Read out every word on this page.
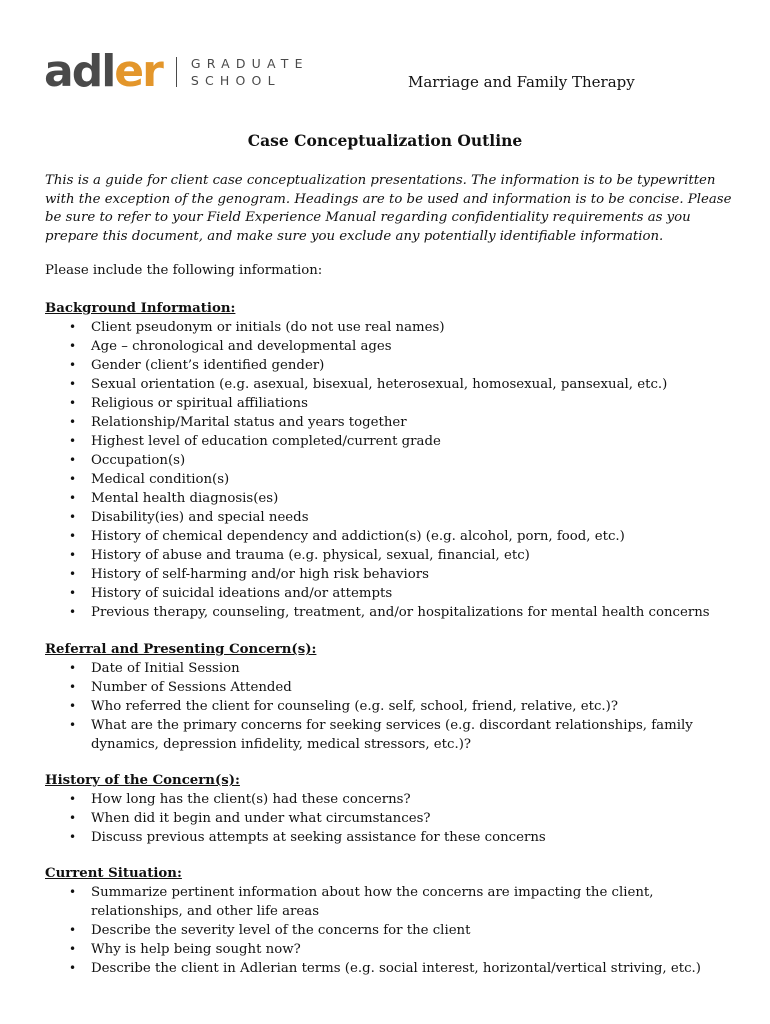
adl er GRADUATE
SCHOOL	Marriage and Family Therapy
Case Conceptualization Outline
This is a guide for client case conceptualization presentations. The information is to be typewritten with the exception of the genogram. Headings are to be used and information is to be concise. Please be sure to refer to your Field Experience Manual regarding confidentiality requirements as you prepare this document, and make sure you exclude any potentially identifiable information.
Please include the following information:
Background Information:
• Client pseudonym or initials (do not use real names)
• Age – chronological and developmental ages
• Gender (client’s identified gender)
• Sexual orientation (e.g. asexual, bisexual, heterosexual, homosexual, pansexual, etc.)
• Religious or spiritual affiliations
• Relationship/Marital status and years together
• Highest level of education completed/current grade
• Occupation(s)
• Medical condition(s)
• Mental health diagnosis(es)
• Disability(ies) and special needs
• History of chemical dependency and addiction(s) (e.g. alcohol, porn, food, etc.)
• History of abuse and trauma (e.g. physical, sexual, financial, etc)
• History of self-harming and/or high risk behaviors
• History of suicidal ideations and/or attempts
• Previous therapy, counseling, treatment, and/or hospitalizations for mental health concerns
Referral and Presenting Concern(s):
• Date of Initial Session
• Number of Sessions Attended
• Who referred the client for counseling (e.g. self, school, friend, relative, etc.)?
• What are the primary concerns for seeking services (e.g. discordant relationships, family dynamics, depression infidelity, medical stressors, etc.)?
History of the Concern(s):
• How long has the client(s) had these concerns?
• When did it begin and under what circumstances?
• Discuss previous attempts at seeking assistance for these concerns
Current Situation:
• Summarize pertinent information about how the concerns are impacting the client, relationships, and other life areas
• Describe the severity level of the concerns for the client
• Why is help being sought now?
• Describe the client in Adlerian terms (e.g. social interest, horizontal/vertical striving, etc.)
